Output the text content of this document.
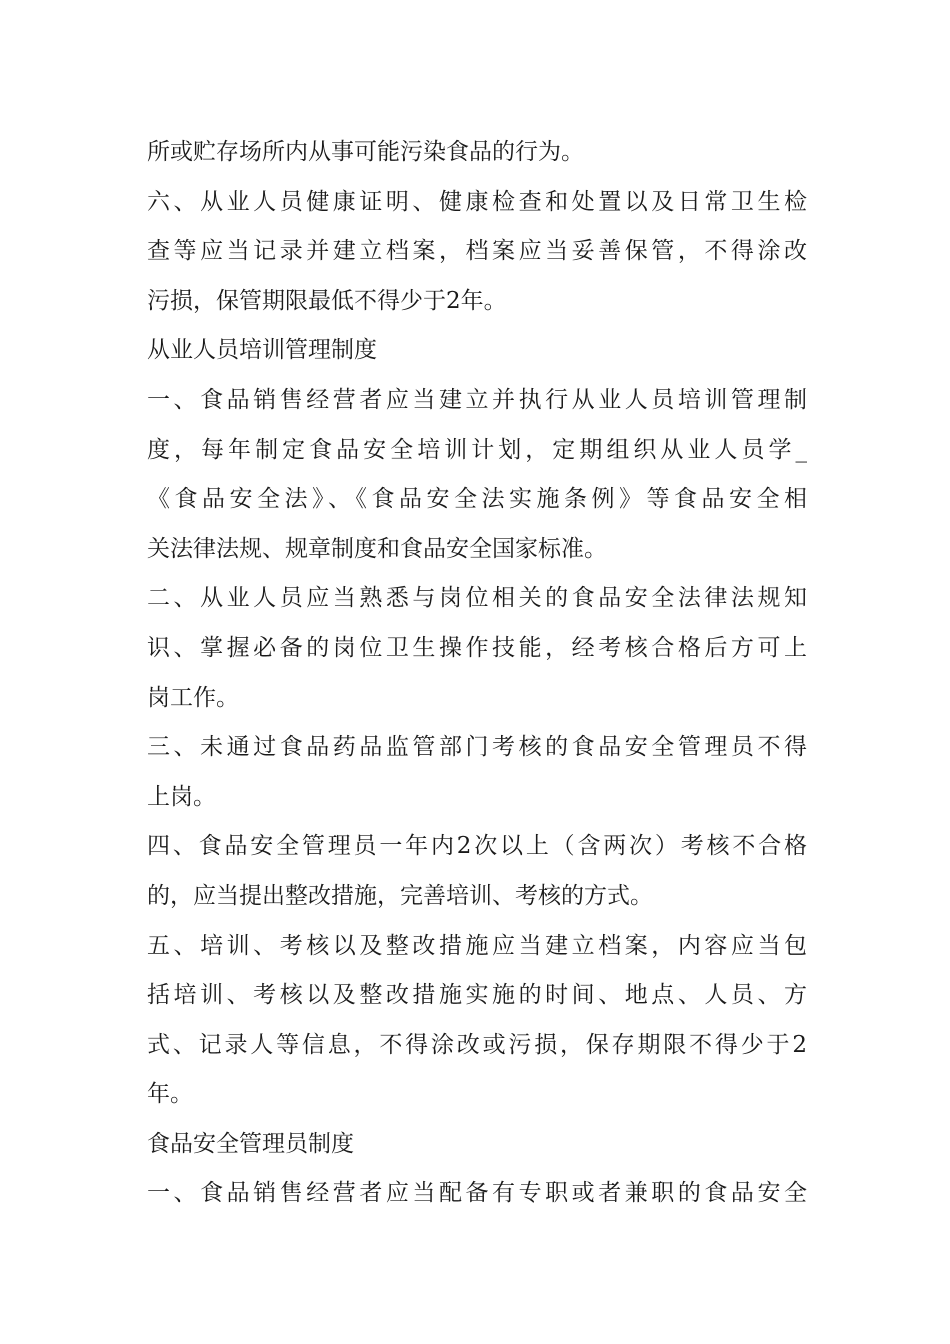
所或贮存场所内从事可能污染食品的行为。
六、从业人员健康证明、健康检查和处置以及日常卫生检
查等应当记录并建立档案，档案应当妥善保管，不得涂改
污损，保管期限最低不得少于2年。
从业人员培训管理制度
一、食品销售经营者应当建立并执行从业人员培训管理制
度，每年制定食品安全培训计划，定期组织从业人员学_
《食品安全法》、《食品安全法实施条例》等食品安全相
关法律法规、规章制度和食品安全国家标准。
二、从业人员应当熟悉与岗位相关的食品安全法律法规知
识、掌握必备的岗位卫生操作技能，经考核合格后方可上
岗工作。
三、未通过食品药品监管部门考核的食品安全管理员不得
上岗。
四、食品安全管理员一年内2次以上（含两次）考核不合格
的，应当提出整改措施，完善培训、考核的方式。
五、培训、考核以及整改措施应当建立档案，内容应当包
括培训、考核以及整改措施实施的时间、地点、人员、方
式、记录人等信息，不得涂改或污损，保存期限不得少于2
年。
食品安全管理员制度
一、食品销售经营者应当配备有专职或者兼职的食品安全
